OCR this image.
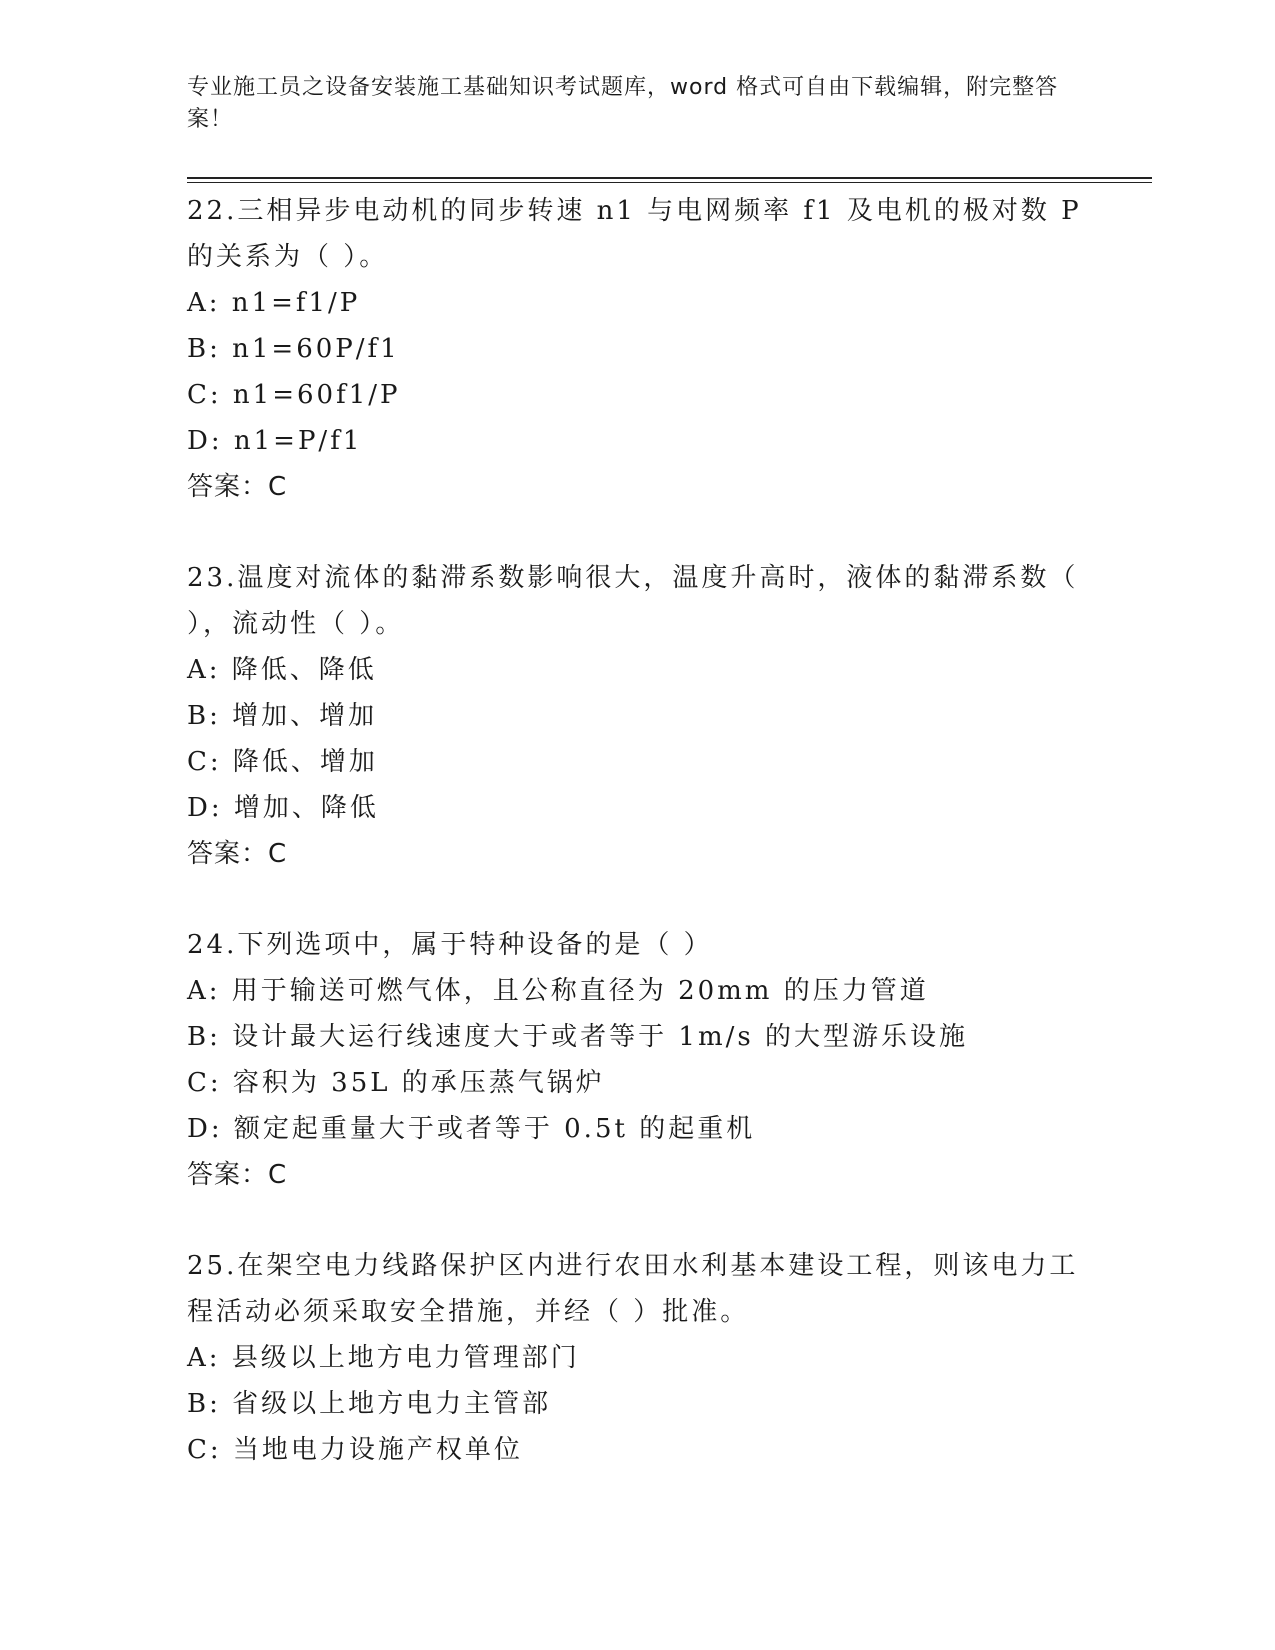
专业施工员之设备安装施工基础知识考试题库，word 格式可自由下载编辑，附完整答案！

22.三相异步电动机的同步转速 n1 与电网频率 f1 及电机的极对数 P 的关系为（ ）。

A: n1=f1/P
B: n1=60P/f1
C: n1=60f1/P
D: n1=P/f1
答案：C

23.温度对流体的黏滞系数影响很大，温度升高时，液体的黏滞系数（ ），流动性（ ）。

A: 降低、降低
B: 增加、增加
C: 降低、增加
D: 增加、降低
答案：C

24.下列选项中，属于特种设备的是（ ）

A: 用于输送可燃气体，且公称直径为 20mm 的压力管道
B: 设计最大运行线速度大于或者等于 1m/s 的大型游乐设施
C: 容积为 35L 的承压蒸气锅炉
D: 额定起重量大于或者等于 0.5t 的起重机
答案：C

25.在架空电力线路保护区内进行农田水利基本建设工程，则该电力工程活动必须采取安全措施，并经（ ）批准。

A: 县级以上地方电力管理部门
B: 省级以上地方电力主管部
C: 当地电力设施产权单位
